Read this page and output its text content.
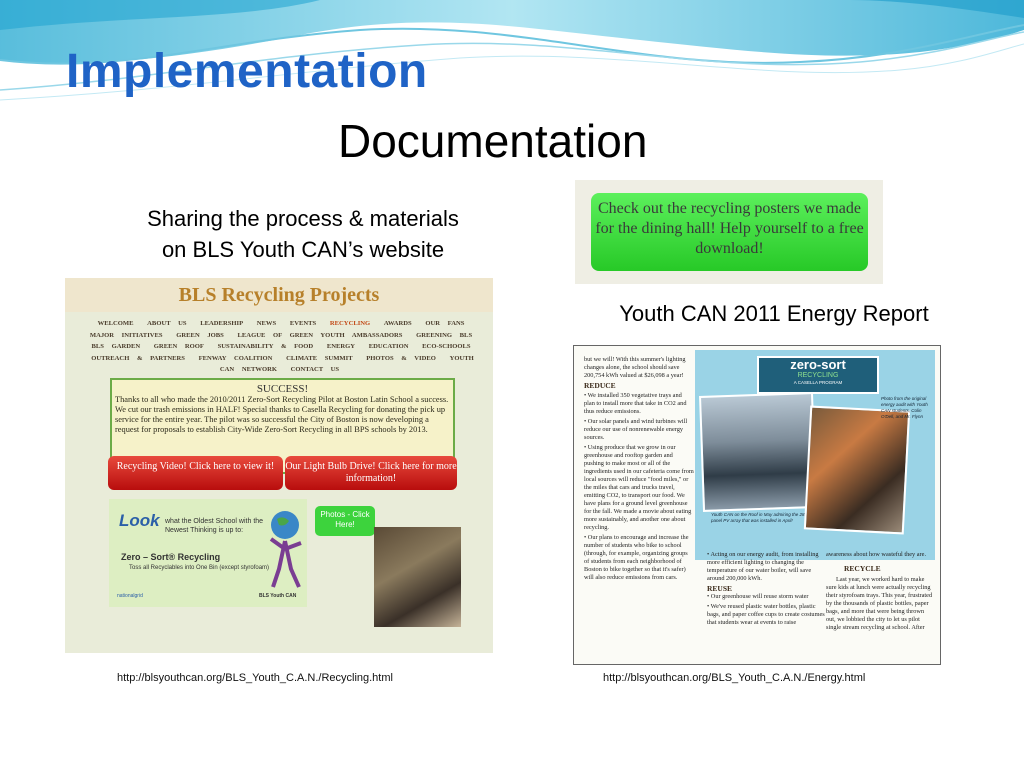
Implementation
Documentation
Sharing the process & materials
on BLS Youth CAN’s website
Youth CAN 2011 Energy Report
BLS Recycling Projects
WELCOME ABOUT US LEADERSHIP NEWS EVENTS RECYCLING AWARDS OUR FANS MAJOR INITIATIVES GREEN JOBS LEAGUE OF GREEN YOUTH AMBASSADORS GREENING BLS BLS GARDEN GREEN ROOF SUSTAINABILITY & FOOD ENERGY EDUCATION ECO-SCHOOLS OUTREACH & PARTNERS FENWAY COALITION CLIMATE SUMMIT PHOTOS & VIDEO YOUTH CAN NETWORK CONTACT US
SUCCESS!
Thanks to all who made the 2010/2011 Zero-Sort Recycling Pilot at Boston Latin School a success. We cut our trash emissions in HALF! Special thanks to Casella Recycling for donating the pick up service for the entire year. The pilot was so successful the City of Boston is now developing a request for proposals to establish City-Wide Zero-Sort Recycling in all BPS schools by 2013.
Recycling Video! Click here to view it!	Our Light Bulb Drive! Click here for more information!
Look what the Oldest School with the Newest Thinking is up to:
Zero – Sort® Recycling
Toss all Recyclables into One Bin (except styrofoam)
nationalgrid	BLS Youth CAN
Photos - Click Here!
Check out the recycling posters we made for the dining hall! Help yourself to a free download!
but we will! With this summer's lighting changes alone, the school should save 200,754 kWh valued at $26,098 a year!
REDUCE
• We installed 350 vegetative trays and plan to install more that take in CO2 and thus reduce emissions.
• Our solar panels and wind turbines will reduce our use of nonrenewable energy sources.
• Using produce that we grow in our greenhouse and rooftop garden and pushing to make most or all of the ingredients used in our cafeteria come from local sources will reduce "food miles," or the miles that cars and trucks travel, emitting CO2, to transport our food. We have plans for a ground level greenhouse for the fall. We made a movie about eating more sustainably, and another one about recycling.
• Our plans to encourage and increase the number of students who bike to school (through, for example, organizing groups of students from each neighborhood of Boston to bike together so that it's safer) will also reduce emissions from cars.
zero-sort
RECYCLING
A CASELLA PROGRAM
Photo from the original energy audit with Youth CAN students, Colin O'Dell, and Mr. Flynn
Youth CAN on the Roof in May admiring the 28 panel PV array that was installed in April!
• Acting on our energy audit, from installing more efficient lighting to changing the temperature of our water boiler, will save around 200,000 kWh.
REUSE
• Our greenhouse will reuse storm water
• We've reused plastic water bottles, plastic bags, and paper coffee cups to create costumes that students wear at events to raise
awareness about how wasteful they are.
RECYCLE
Last year, we worked hard to make sure kids at lunch were actually recycling their styrofoam trays. This year, frustrated by the thousands of plastic bottles, paper bags, and more that were being thrown out, we lobbied the city to let us pilot single stream recycling at school. After
http://blsyouthcan.org/BLS_Youth_C.A.N./Recycling.html	http://blsyouthcan.org/BLS_Youth_C.A.N./Energy.html
